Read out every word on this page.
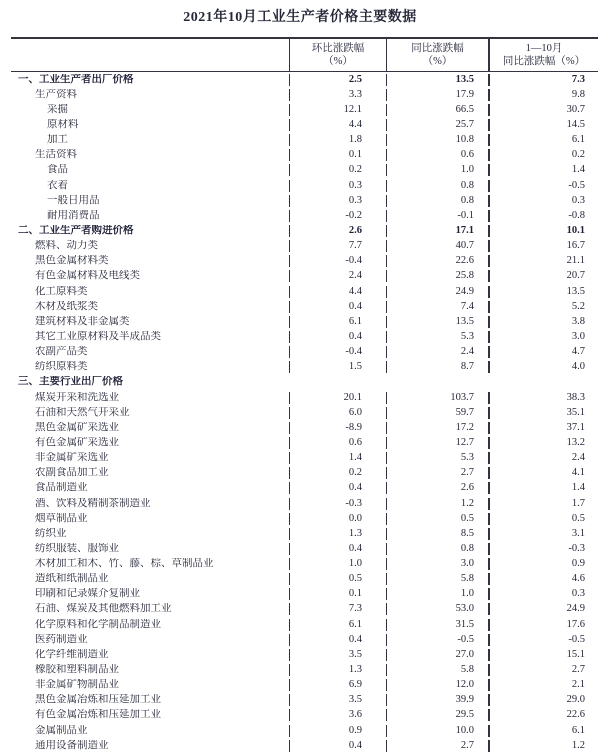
2021年10月工业生产者价格主要数据
环比涨跌幅
（%）
同比涨跌幅
（%）
1—10月
同比涨跌幅（%）
一、工业生产者出厂价格	2.5	13.5	7.3
生产资料	3.3	17.9	9.8
采掘	12.1	66.5	30.7
原材料	4.4	25.7	14.5
加工	1.8	10.8	6.1
生活资料	0.1	0.6	0.2
食品	0.2	1.0	1.4
衣着	0.3	0.8	-0.5
一般日用品	0.3	0.8	0.3
耐用消费品	-0.2	-0.1	-0.8
二、工业生产者购进价格	2.6	17.1	10.1
燃料、动力类	7.7	40.7	16.7
黑色金属材料类	-0.4	22.6	21.1
有色金属材料及电线类	2.4	25.8	20.7
化工原料类	4.4	24.9	13.5
木材及纸浆类	0.4	7.4	5.2
建筑材料及非金属类	6.1	13.5	3.8
其它工业原材料及半成品类	0.4	5.3	3.0
农副产品类	-0.4	2.4	4.7
纺织原料类	1.5	8.7	4.0
三、主要行业出厂价格
煤炭开采和洗选业	20.1	103.7	38.3
石油和天然气开采业	6.0	59.7	35.1
黑色金属矿采选业	-8.9	17.2	37.1
有色金属矿采选业	0.6	12.7	13.2
非金属矿采选业	1.4	5.3	2.4
农副食品加工业	0.2	2.7	4.1
食品制造业	0.4	2.6	1.4
酒、饮料及精制茶制造业	-0.3	1.2	1.7
烟草制品业	0.0	0.5	0.5
纺织业	1.3	8.5	3.1
纺织服装、服饰业	0.4	0.8	-0.3
木材加工和木、竹、藤、棕、草制品业	1.0	3.0	0.9
造纸和纸制品业	0.5	5.8	4.6
印刷和记录媒介复制业	0.1	1.0	0.3
石油、煤炭及其他燃料加工业	7.3	53.0	24.9
化学原料和化学制品制造业	6.1	31.5	17.6
医药制造业	0.4	-0.5	-0.5
化学纤维制造业	3.5	27.0	15.1
橡胶和塑料制品业	1.3	5.8	2.7
非金属矿物制品业	6.9	12.0	2.1
黑色金属冶炼和压延加工业	3.5	39.9	29.0
有色金属冶炼和压延加工业	3.6	29.5	22.6
金属制品业	0.9	10.0	6.1
通用设备制造业	0.4	2.7	1.2
